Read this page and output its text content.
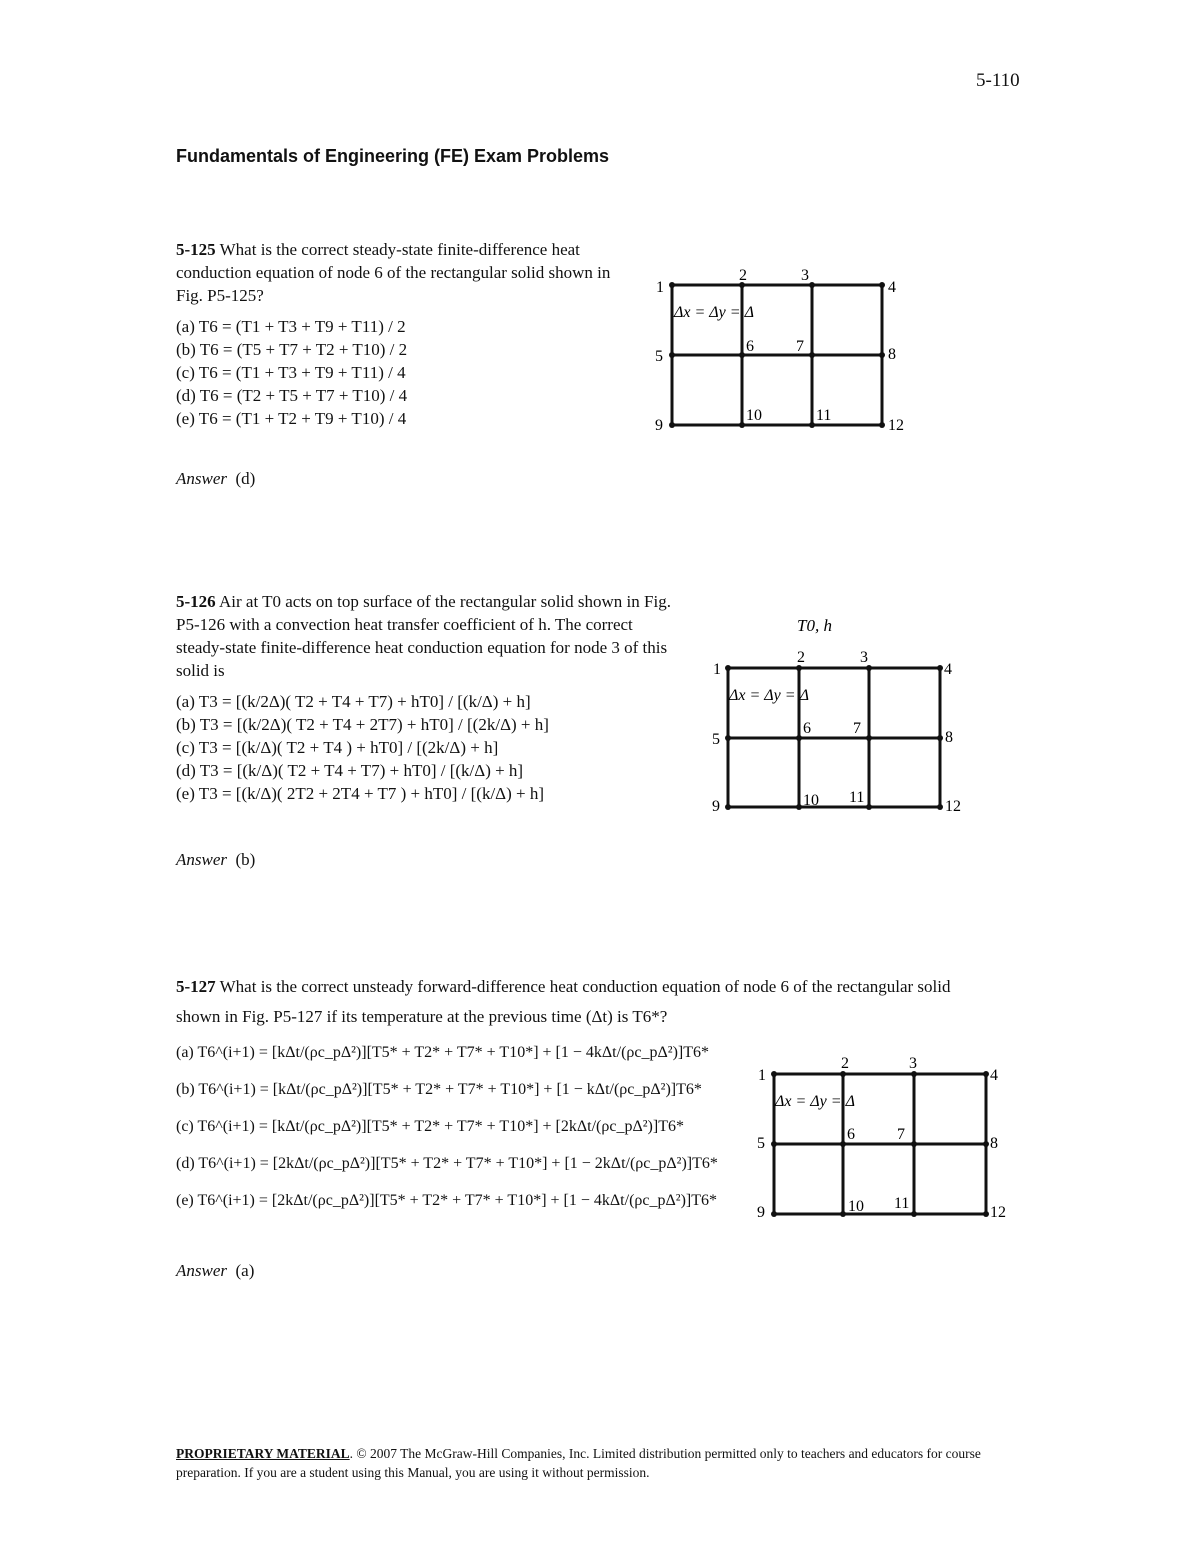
5-110
Fundamentals of Engineering (FE) Exam Problems
5-125 What is the correct steady-state finite-difference heat conduction equation of node 6 of the rectangular solid shown in Fig. P5-125?
(a) T6 = (T1 + T3 + T9 + T11) / 2
(b) T6 = (T5 + T7 + T2 + T10) / 2
(c) T6 = (T1 + T3 + T9 + T11) / 4
(d) T6 = (T2 + T5 + T7 + T10) / 4
(e) T6 = (T1 + T2 + T9 + T10) / 4
Answer (d)
1
2	3
4
5
6	7	8
9
10	11
12
Δx = Δy = Δ
5-126 Air at T0 acts on top surface of the rectangular solid shown in Fig. P5-126 with a convection heat transfer coefficient of h. The correct steady-state finite-difference heat conduction equation for node 3 of this solid is
(a) T3 = [(k/2Δ)( T2 + T4 + T7) + hT0] / [(k/Δ) + h]
(b) T3 = [(k/2Δ)( T2 + T4 + 2T7) + hT0] / [(2k/Δ) + h]
(c) T3 = [(k/Δ)( T2 + T4 ) + hT0] / [(2k/Δ) + h]
(d) T3 = [(k/Δ)( T2 + T4 + T7) + hT0] / [(k/Δ) + h]
(e) T3 = [(k/Δ)( 2T2 + 2T4 + T7 ) + hT0] / [(k/Δ) + h]
Answer (b)
T0, h
1
2	3
4
5
6	7
8
9	10 11
12
Δx = Δy = Δ
5-127 What is the correct unsteady forward-difference heat conduction equation of node 6 of the rectangular solid shown in Fig. P5-127 if its temperature at the previous time (Δt) is T6*?
(a) T6^(i+1) = [kΔt/(ρc_pΔ²)][T5* + T2* + T7* + T10*] + [1 − 4kΔt/(ρc_pΔ²)]T6*
(b) T6^(i+1) = [kΔt/(ρc_pΔ²)][T5* + T2* + T7* + T10*] + [1 − kΔt/(ρc_pΔ²)]T6*
(c) T6^(i+1) = [kΔt/(ρc_pΔ²)][T5* + T2* + T7* + T10*] + [2kΔt/(ρc_pΔ²)]T6*
(d) T6^(i+1) = [2kΔt/(ρc_pΔ²)][T5* + T2* + T7* + T10*] + [1 − 2kΔt/(ρc_pΔ²)]T6*
(e) T6^(i+1) = [2kΔt/(ρc_pΔ²)][T5* + T2* + T7* + T10*] + [1 − 4kΔt/(ρc_pΔ²)]T6*
Answer (a)
1
2	3
4
5
6	7
8
9	10 11
12
Δx = Δy = Δ
PROPRIETARY MATERIAL. © 2007 The McGraw-Hill Companies, Inc. Limited distribution permitted only to teachers and educators for course preparation. If you are a student using this Manual, you are using it without permission.
